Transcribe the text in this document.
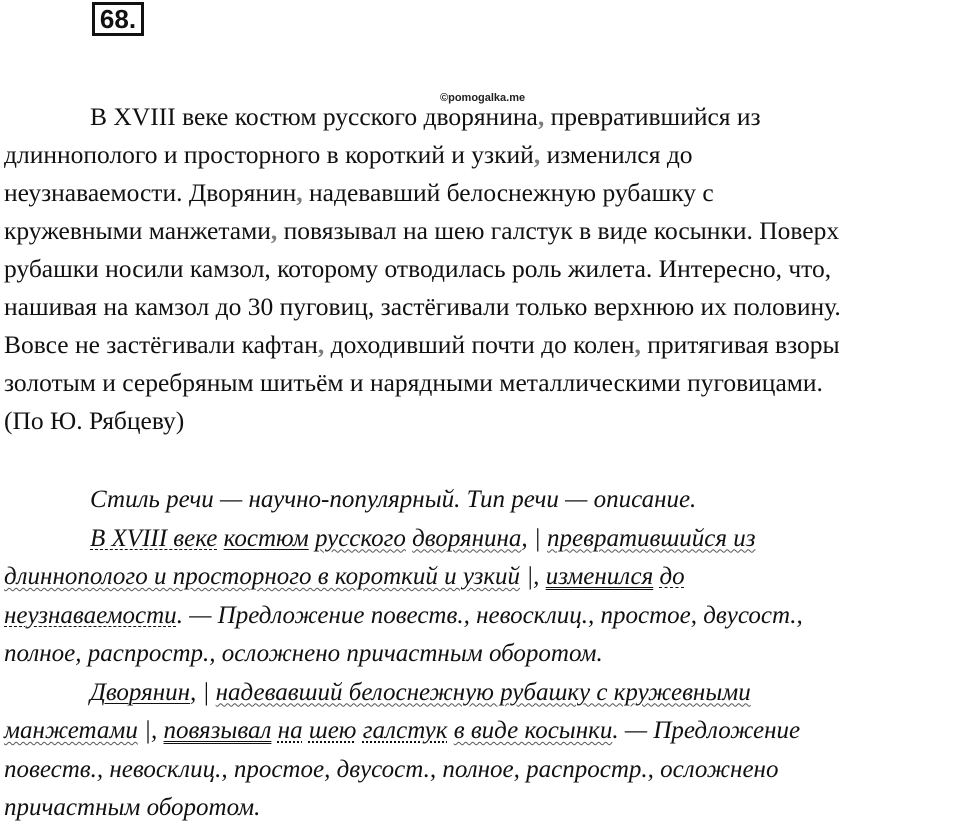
68.
©pomogalka.me
В XVIII веке костюм русского дворянина, превратившийся из
длиннополого и просторного в короткий и узкий, изменился до
неузнаваемости. Дворянин, надевавший белоснежную рубашку с
кружевными манжетами, повязывал на шею галстук в виде косынки. Поверх
рубашки носили камзол, которому отводилась роль жилета. Интересно, что,
нашивая на камзол до 30 пуговиц, застёгивали только верхнюю их половину.
Вовсе не застёгивали кафтан, доходивший почти до колен, притягивая взоры
золотым и серебряным шитьём и нарядными металлическими пуговицами.
(По Ю. Рябцеву)
Стиль речи — научно-популярный. Тип речи — описание.
В XVIII веке костюм русского дворянина, | превратившийся из
длиннополого и просторного в короткий и узкий |, изменился до
неузнаваемости. — Предложение повеств., невосклиц., простое, двусост.,
полное, распростр., осложнено причастным оборотом.
Дворянин, | надевавший белоснежную рубашку с кружевными
манжетами |, повязывал на шею галстук в виде косынки. — Предложение
повеств., невосклиц., простое, двусост., полное, распростр., осложнено
причастным оборотом.
